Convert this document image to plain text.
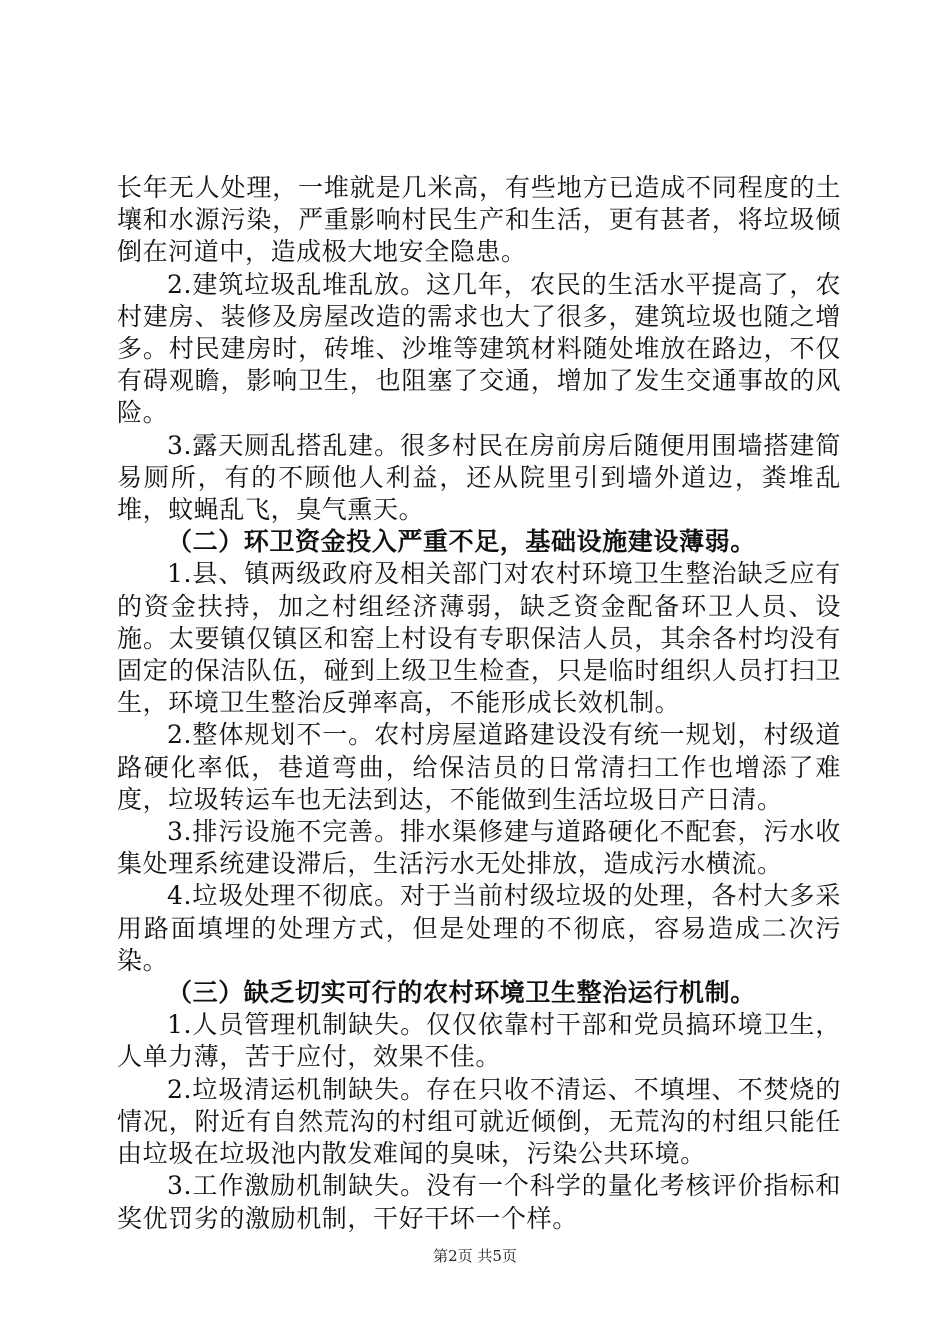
长年无人处理，一堆就是几米高，有些地方已造成不同程度的土壤和水源污染，严重影响村民生产和生活，更有甚者，将垃圾倾倒在河道中，造成极大地安全隐患。

2.建筑垃圾乱堆乱放。这几年，农民的生活水平提高了，农村建房、装修及房屋改造的需求也大了很多，建筑垃圾也随之增多。村民建房时，砖堆、沙堆等建筑材料随处堆放在路边，不仅有碍观瞻，影响卫生，也阻塞了交通，增加了发生交通事故的风险。

3.露天厕乱搭乱建。很多村民在房前房后随便用围墙搭建简易厕所，有的不顾他人利益，还从院里引到墙外道边，粪堆乱堆，蚊蝇乱飞，臭气熏天。

（二）环卫资金投入严重不足，基础设施建设薄弱。

1.县、镇两级政府及相关部门对农村环境卫生整治缺乏应有的资金扶持，加之村组经济薄弱，缺乏资金配备环卫人员、设施。太要镇仅镇区和窑上村设有专职保洁人员，其余各村均没有固定的保洁队伍，碰到上级卫生检查，只是临时组织人员打扫卫生，环境卫生整治反弹率高，不能形成长效机制。

2.整体规划不一。农村房屋道路建设没有统一规划，村级道路硬化率低，巷道弯曲，给保洁员的日常清扫工作也增添了难度，垃圾转运车也无法到达，不能做到生活垃圾日产日清。

3.排污设施不完善。排水渠修建与道路硬化不配套，污水收集处理系统建设滞后，生活污水无处排放，造成污水横流。

4.垃圾处理不彻底。对于当前村级垃圾的处理，各村大多采用路面填埋的处理方式，但是处理的不彻底，容易造成二次污染。

（三）缺乏切实可行的农村环境卫生整治运行机制。

1.人员管理机制缺失。仅仅依靠村干部和党员搞环境卫生，人单力薄，苦于应付，效果不佳。

2.垃圾清运机制缺失。存在只收不清运、不填埋、不焚烧的情况，附近有自然荒沟的村组可就近倾倒，无荒沟的村组只能任由垃圾在垃圾池内散发难闻的臭味，污染公共环境。

3.工作激励机制缺失。没有一个科学的量化考核评价指标和奖优罚劣的激励机制，干好干坏一个样。

第2页 共5页
